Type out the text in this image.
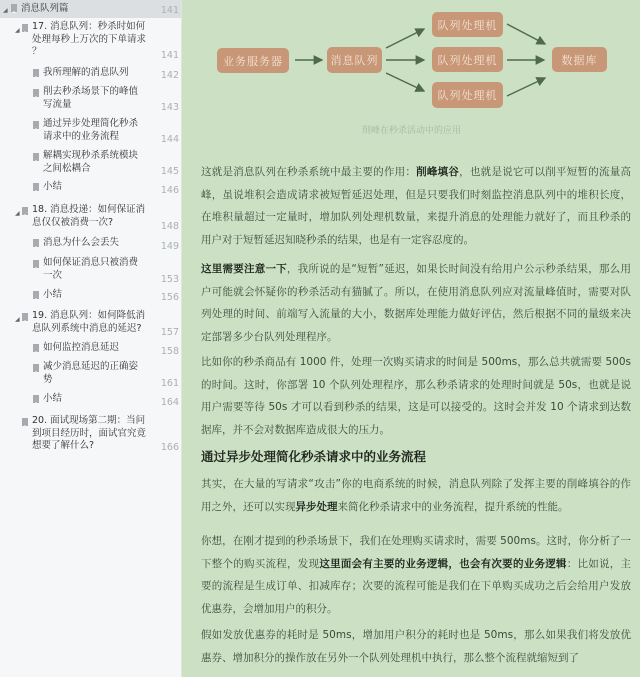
◢ 消息队列篇	141
◢ 17. 消息队列：秒杀时如何
处理每秒上万次的下单请求
？	141
我所理解的消息队列	142
削去秒杀场景下的峰值
写流量	143
通过异步处理简化秒杀
请求中的业务流程	144
解耦实现秒杀系统模块
之间松耦合	145
小结	146
◢ 18. 消息投递：如何保证消
息仅仅被消费一次?	148
消息为什么会丢失	149
如何保证消息只被消费
一次	153
小结	156
◢ 19. 消息队列：如何降低消
息队列系统中消息的延迟?	157
如何监控消息延迟	158
减少消息延迟的正确姿
势	161
小结	164
20. 面试现场第二期：当问
到项目经历时，面试官究竟
想要了解什么?	166
业务服务器	消息队列
队列处理机
队列处理机
队列处理机
数据库
削峰在秒杀活动中的应用

这就是消息队列在秒杀系统中最主要的作用：削峰填谷，也就是说它可以削平短暂的流量高峰，虽说堆积会造成请求被短暂延迟处理，但是只要我们时刻监控消息队列中的堆积长度，在堆积量超过一定量时，增加队列处理机数量，来提升消息的处理能力就好了，而且秒杀的用户对于短暂延迟知晓秒杀的结果，也是有一定容忍度的。

这里需要注意一下，我所说的是“短暂”延迟，如果长时间没有给用户公示秒杀结果，那么用户可能就会怀疑你的秒杀活动有猫腻了。所以，在使用消息队列应对流量峰值时，需要对队列处理的时间、前端写入流量的大小，数据库处理能力做好评估，然后根据不同的量级来决定部署多少台队列处理程序。

比如你的秒杀商品有 1000 件，处理一次购买请求的时间是 500ms，那么总共就需要 500s 的时间。这时，你部署 10 个队列处理程序，那么秒杀请求的处理时间就是 50s，也就是说用户需要等待 50s 才可以看到秒杀的结果，这是可以接受的。这时会并发 10 个请求到达数据库，并不会对数据库造成很大的压力。

通过异步处理简化秒杀请求中的业务流程

其实，在大量的写请求“攻击”你的电商系统的时候，消息队列除了发挥主要的削峰填谷的作用之外，还可以实现异步处理来简化秒杀请求中的业务流程，提升系统的性能。

你想，在刚才提到的秒杀场景下，我们在处理购买请求时，需要 500ms。这时，你分析了一下整个的购买流程，发现这里面会有主要的业务逻辑，也会有次要的业务逻辑：比如说，主要的流程是生成订单、扣减库存；次要的流程可能是我们在下单购买成功之后会给用户发放优惠券，会增加用户的积分。

假如发放优惠券的耗时是 50ms，增加用户积分的耗时也是 50ms，那么如果我们将发放优惠券、增加积分的操作放在另外一个队列处理机中执行，那么整个流程就缩短到了
